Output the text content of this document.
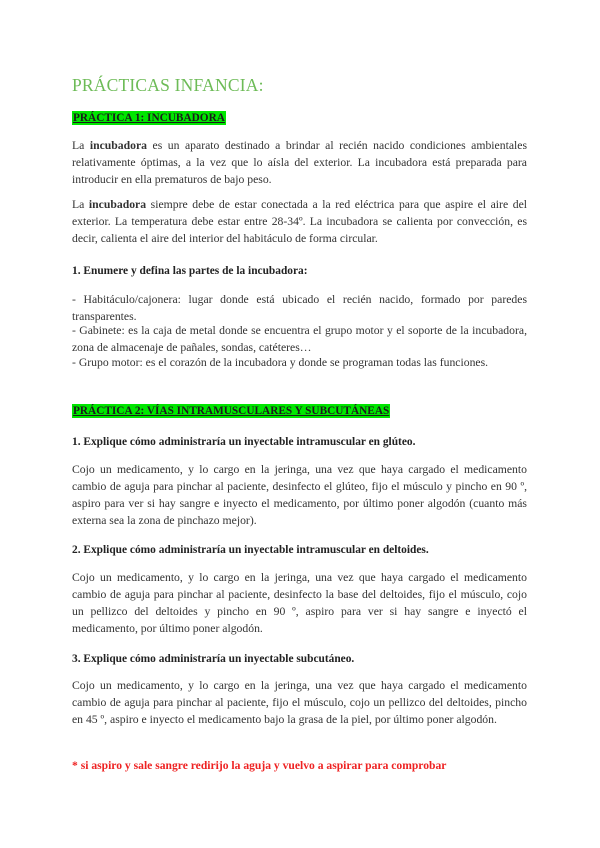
PRÁCTICAS INFANCIA:
PRÁCTICA 1: INCUBADORA
La incubadora es un aparato destinado a brindar al recién nacido condiciones ambientales relativamente óptimas, a la vez que lo aísla del exterior. La incubadora está preparada para introducir en ella prematuros de bajo peso.
La incubadora siempre debe de estar conectada a la red eléctrica para que aspire el aire del exterior. La temperatura debe estar entre 28-34º. La incubadora se calienta por convección, es decir, calienta el aire del interior del habitáculo de forma circular.
1. Enumere y defina las partes de la incubadora:
- Habitáculo/cajonera: lugar donde está ubicado el recién nacido, formado por paredes transparentes.
- Gabinete: es la caja de metal donde se encuentra el grupo motor y el soporte de la incubadora, zona de almacenaje de pañales, sondas, catéteres…
- Grupo motor: es el corazón de la incubadora y donde se programan todas las funciones.
PRÁCTICA 2: VÍAS INTRAMUSCULARES Y SUBCUTÁNEAS
1. Explique cómo administraría un inyectable intramuscular en glúteo.
Cojo un medicamento, y lo cargo en la jeringa, una vez que haya cargado el medicamento cambio de aguja para pinchar al paciente, desinfecto el glúteo, fijo el músculo y pincho en 90 º, aspiro para ver si hay sangre e inyecto el medicamento, por último poner algodón (cuanto más externa sea la zona de pinchazo mejor).
2. Explique cómo administraría un inyectable intramuscular en deltoides.
Cojo un medicamento, y lo cargo en la jeringa, una vez que haya cargado el medicamento cambio de aguja para pinchar al paciente, desinfecto la base del deltoides, fijo el músculo, cojo un pellizco del deltoides y pincho en 90 º, aspiro para ver si hay sangre e inyectó el medicamento, por último poner algodón.
3. Explique cómo administraría un inyectable subcutáneo.
Cojo un medicamento, y lo cargo en la jeringa, una vez que haya cargado el medicamento cambio de aguja para pinchar al paciente, fijo el músculo, cojo un pellizco del deltoides, pincho en 45 º, aspiro e inyecto el medicamento bajo la grasa de la piel, por último poner algodón.
* si aspiro y sale sangre redirijo la aguja y vuelvo a aspirar para comprobar
